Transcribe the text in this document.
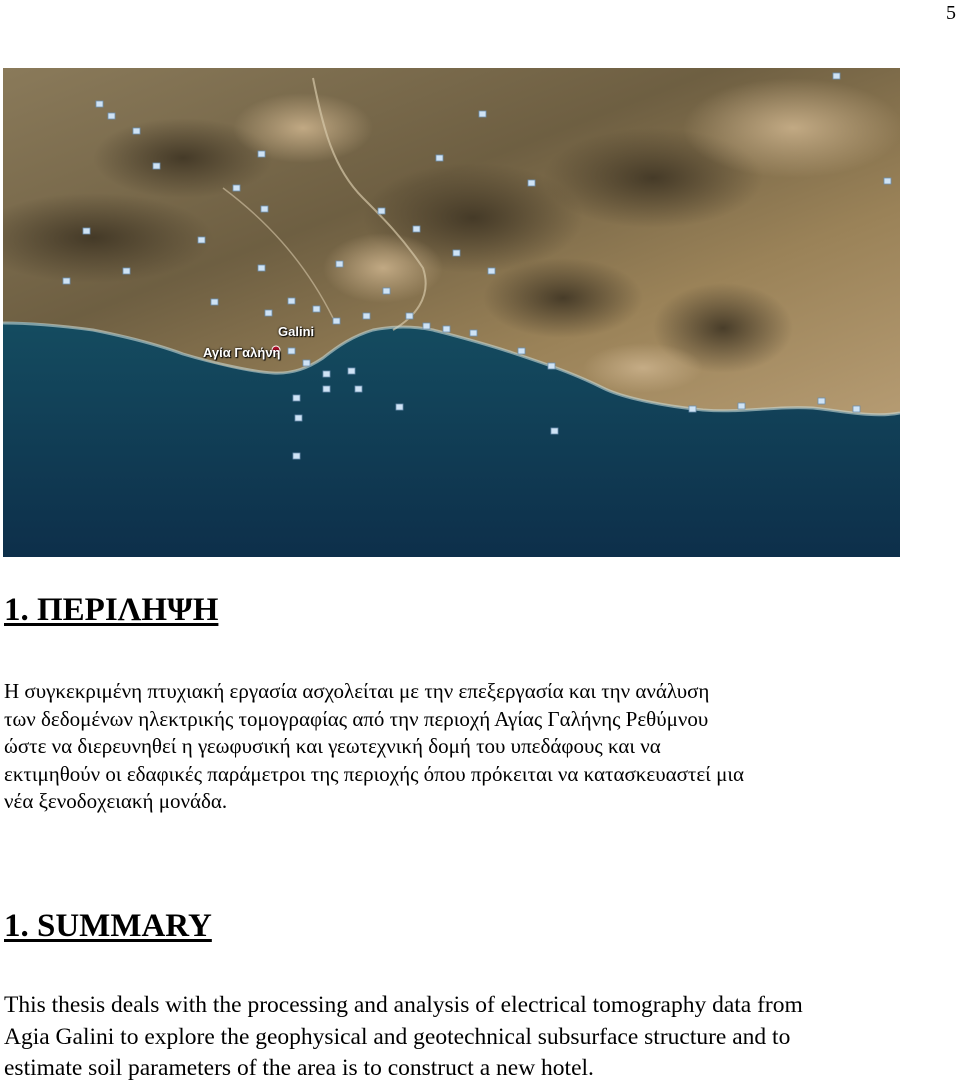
5
Galini
Αγία Γαλήνη
1. ΠΕΡΙΛΗΨΗ

Η συγκεκριμένη πτυχιακή εργασία ασχολείται με την επεξεργασία και την ανάλυση
των δεδομένων ηλεκτρικής τομογραφίας από την περιοχή Αγίας Γαλήνης Ρεθύμνου
ώστε να διερευνηθεί η γεωφυσική και γεωτεχνική δομή του υπεδάφους και να
εκτιμηθούν οι εδαφικές παράμετροι της περιοχής όπου πρόκειται να κατασκευαστεί μια
νέα ξενοδοχειακή μονάδα.

1. SUMMARY

This thesis deals with the processing and analysis of electrical tomography data from
Agia Galini to explore the geophysical and geotechnical subsurface structure and to
estimate soil parameters of the area is to construct a new hotel.
